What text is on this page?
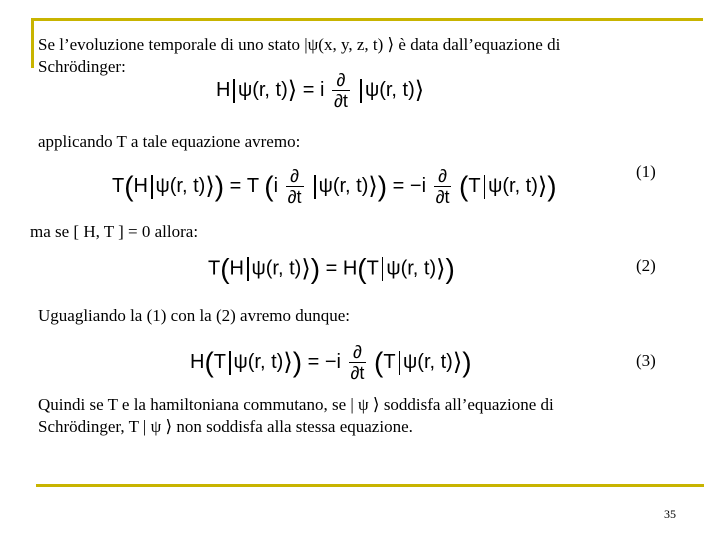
Se l’evoluzione temporale di uno stato |ψ(x, y, z, t) ⟩ è data dall’equazione di
Schrödinger:
H ψ(r, t)⟩ = i $\frac{\partial}{\partial t} \psi(r$, t)⟩
applicando T a tale equazione avremo:
T(H ψ(r, t)⟩) = T ($i \frac{\partial}{\partial t} \psi(r$, t)⟩) = $-i \frac{\partial}{\partial t} (T$ ψ(r, t)⟩)	(1)
ma se [ H, T ] = 0 allora:
T(H ψ(r, t)⟩) = H(T ψ(r, t)⟩)	(2)
Uguagliando la (1) con la (2) avremo dunque:
H(T ψ(r, t)⟩) = $-i \frac{\partial}{\partial t} (T$ ψ(r, t)⟩)	(3)
Quindi se T e la hamiltoniana commutano, se | ψ ⟩ soddisfa all’equazione di
Schrödinger, T | ψ ⟩ non soddisfa alla stessa equazione.
35
